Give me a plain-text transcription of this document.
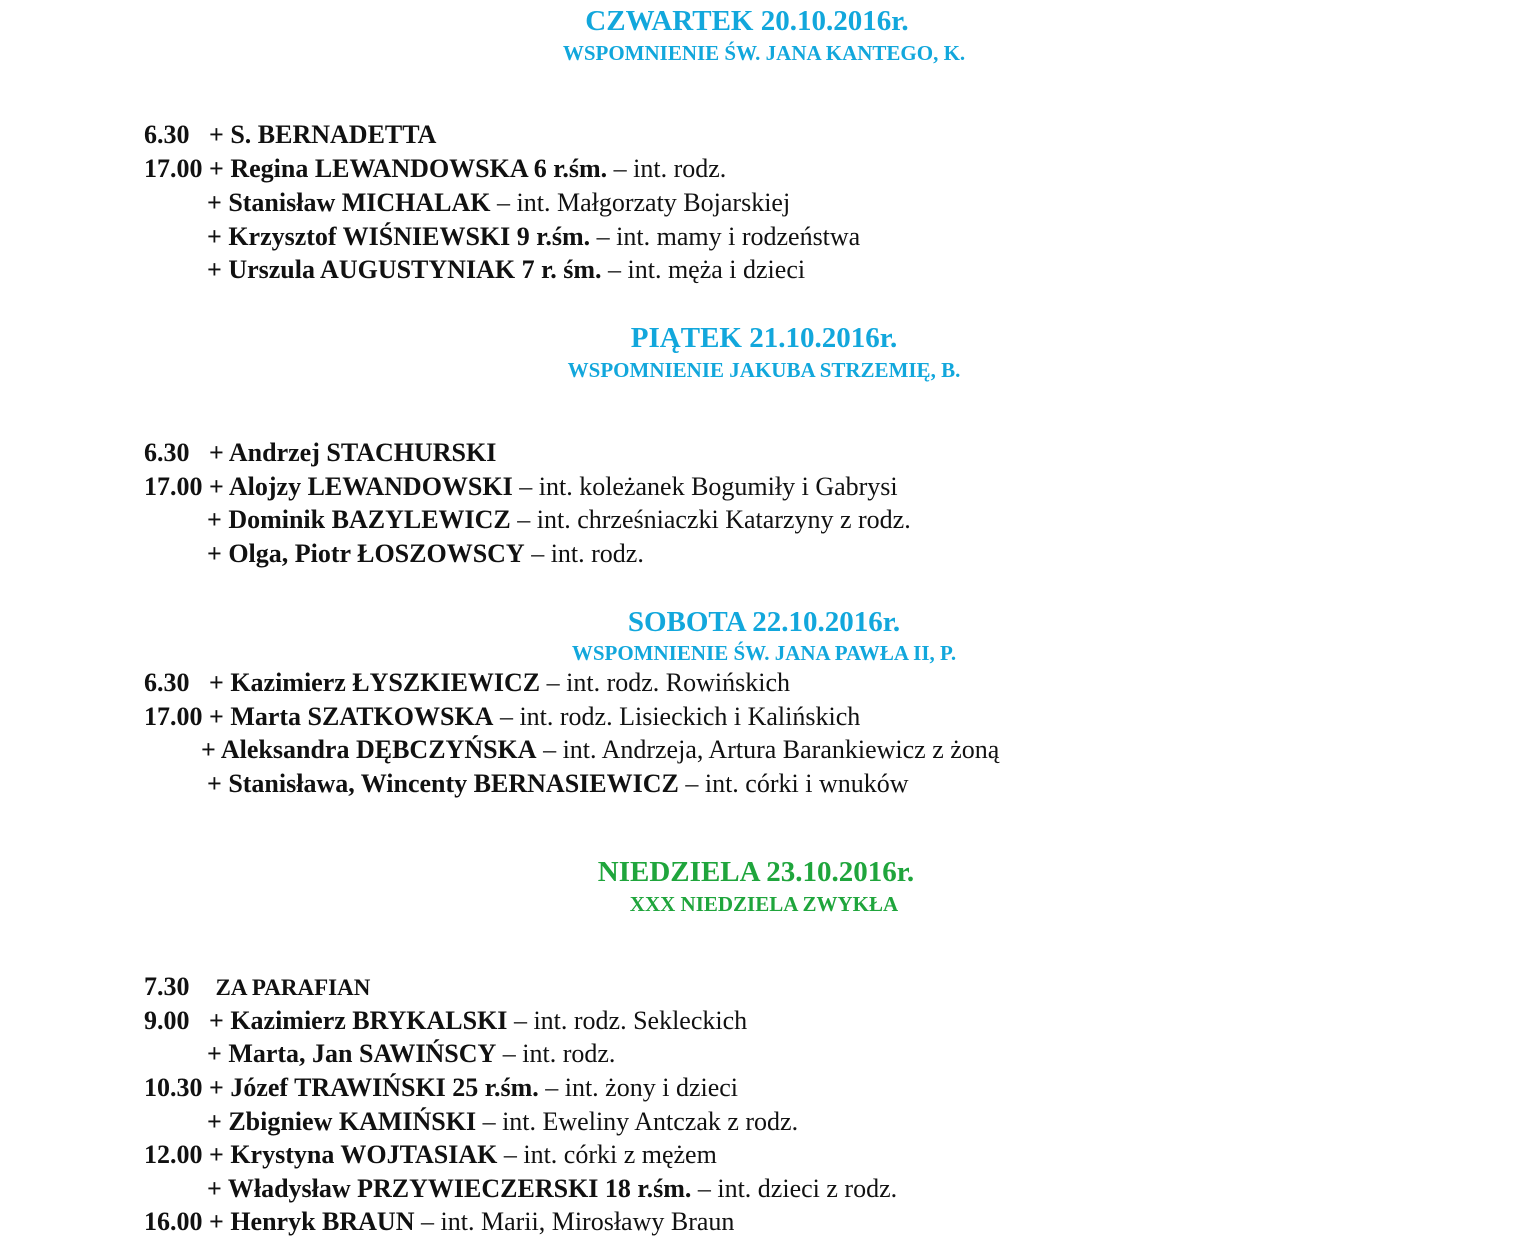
CZWARTEK 20.10.2016r.
WSPOMNIENIE ŚW. JANA KANTEGO, K.
6.30 + S. BERNADETTA
17.00 + Regina LEWANDOWSKA 6 r.śm. – int. rodz.
+ Stanisław MICHALAK – int. Małgorzaty Bojarskiej
+ Krzysztof WIŚNIEWSKI 9 r.śm. – int. mamy i rodzeństwa
+ Urszula AUGUSTYNIAK 7 r. śm. – int. męża i dzieci
PIĄTEK 21.10.2016r.
WSPOMNIENIE JAKUBA STRZEMIĘ, B.
6.30 + Andrzej STACHURSKI
17.00 + Alojzy LEWANDOWSKI – int. koleżanek Bogumiły i Gabrysi
+ Dominik BAZYLEWICZ – int. chrześniaczki Katarzyny z rodz.
+ Olga, Piotr ŁOSZOWSCY – int. rodz.
SOBOTA 22.10.2016r.
WSPOMNIENIE ŚW. JANA PAWŁA II, P.
6.30 + Kazimierz ŁYSZKIEWICZ – int. rodz. Rowińskich
17.00 + Marta SZATKOWSKA – int. rodz. Lisieckich i Kalińskich
+ Aleksandra DĘBCZYŃSKA – int. Andrzeja, Artura Barankiewicz z żoną
+ Stanisława, Wincenty BERNASIEWICZ – int. córki i wnuków
NIEDZIELA 23.10.2016r.
XXX NIEDZIELA ZWYKŁA
7.30 ZA PARAFIAN
9.00 + Kazimierz BRYKALSKI – int. rodz. Sekleckich
+ Marta, Jan SAWIŃSCY – int. rodz.
10.30 + Józef TRAWIŃSKI 25 r.śm. – int. żony i dzieci
+ Zbigniew KAMIŃSKI – int. Eweliny Antczak z rodz.
12.00 + Krystyna WOJTASIAK – int. córki z mężem
+ Władysław PRZYWIECZERSKI 18 r.śm. – int. dzieci z rodz.
16.00 + Henryk BRAUN – int. Marii, Mirosławy Braun
